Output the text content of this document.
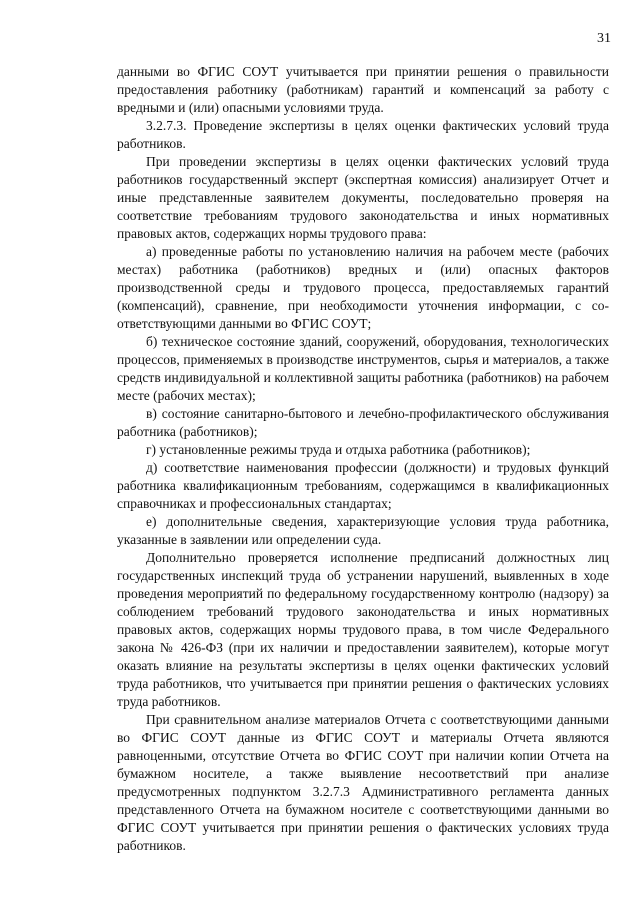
31

данными во ФГИС СОУТ учитывается при принятии решения о правильности предоставления работнику (работникам) гарантий и компенсаций за работу с вредными и (или) опасными условиями труда.

3.2.7.3. Проведение экспертизы в целях оценки фактических условий труда работников.

При проведении экспертизы в целях оценки фактических условий труда работников государственный эксперт (экспертная комиссия) анализирует Отчет и иные представленные заявителем документы, последовательно проверяя на соответствие требованиям трудового законодательства и иных нормативных правовых актов, содержащих нормы трудового права:

а) проведенные работы по установлению наличия на рабочем месте (рабочих местах) работника (работников) вредных и (или) опасных факторов производственной среды и трудового процесса, предоставляемых гарантий (компенсаций), сравнение, при необходимости уточнения информации, с соответствующими данными во ФГИС СОУТ;

б) техническое состояние зданий, сооружений, оборудования, технологических процессов, применяемых в производстве инструментов, сырья и материалов, а также средств индивидуальной и коллективной защиты работника (работников) на рабочем месте (рабочих местах);

в) состояние санитарно-бытового и лечебно-профилактического обслуживания работника (работников);

г) установленные режимы труда и отдыха работника (работников);

д) соответствие наименования профессии (должности) и трудовых функций работника квалификационным требованиям, содержащимся в квалификационных справочниках и профессиональных стандартах;

е) дополнительные сведения, характеризующие условия труда работника, указанные в заявлении или определении суда.

Дополнительно проверяется исполнение предписаний должностных лиц государственных инспекций труда об устранении нарушений, выявленных в ходе проведения мероприятий по федеральному государственному контролю (надзору) за соблюдением требований трудового законодательства и иных нормативных правовых актов, содержащих нормы трудового права, в том числе Федерального закона № 426-ФЗ (при их наличии и предоставлении заявителем), которые могут оказать влияние на результаты экспертизы в целях оценки фактических условий труда работников, что учитывается при принятии решения о фактических условиях труда работников.

При сравнительном анализе материалов Отчета с соответствующими данными во ФГИС СОУТ данные из ФГИС СОУТ и материалы Отчета являются равноценными, отсутствие Отчета во ФГИС СОУТ при наличии копии Отчета на бумажном носителе, а также выявление несоответствий при анализе предусмотренных подпунктом 3.2.7.3 Административного регламента данных представленного Отчета на бумажном носителе с соответствующими данными во ФГИС СОУТ учитывается при принятии решения о фактических условиях труда работников.
